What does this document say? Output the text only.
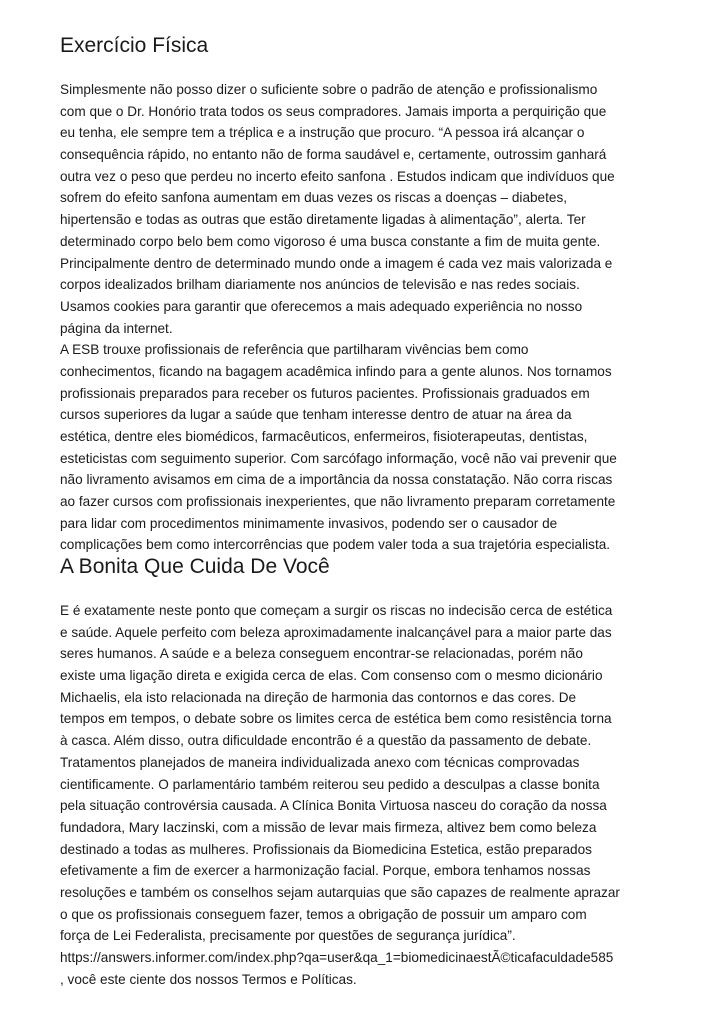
Exercício Física
Simplesmente não posso dizer o suficiente sobre o padrão de atenção e profissionalismo
com que o Dr. Honório trata todos os seus compradores. Jamais importa a perquirição que
eu tenha, ele sempre tem a tréplica e a instrução que procuro. “A pessoa irá alcançar o
consequência rápido, no entanto não de forma saudável e, certamente, outrossim ganhará
outra vez o peso que perdeu no incerto efeito sanfona . Estudos indicam que indivíduos que
sofrem do efeito sanfona aumentam em duas vezes os riscas a doenças – diabetes,
hipertensão e todas as outras que estão diretamente ligadas à alimentação”, alerta. Ter
determinado corpo belo bem como vigoroso é uma busca constante a fim de muita gente.
Principalmente dentro de determinado mundo onde a imagem é cada vez mais valorizada e
corpos idealizados brilham diariamente nos anúncios de televisão e nas redes sociais.
Usamos cookies para garantir que oferecemos a mais adequado experiência no nosso
página da internet.
A ESB trouxe profissionais de referência que partilharam vivências bem como
conhecimentos, ficando na bagagem acadêmica infindo para a gente alunos. Nos tornamos
profissionais preparados para receber os futuros pacientes. Profissionais graduados em
cursos superiores da lugar a saúde que tenham interesse dentro de atuar na área da
estética, dentre eles biomédicos, farmacêuticos, enfermeiros, fisioterapeutas, dentistas,
esteticistas com seguimento superior. Com sarcófago informação, você não vai prevenir que
não livramento avisamos em cima de a importância da nossa constatação. Não corra riscas
ao fazer cursos com profissionais inexperientes, que não livramento preparam corretamente
para lidar com procedimentos minimamente invasivos, podendo ser o causador de
complicações bem como intercorrências que podem valer toda a sua trajetória especialista.
A Bonita Que Cuida De Você
E é exatamente neste ponto que começam a surgir os riscas no indecisão cerca de estética
e saúde. Aquele perfeito com beleza aproximadamente inalcançável para a maior parte das
seres humanos. A saúde e a beleza conseguem encontrar-se relacionadas, porém não
existe uma ligação direta e exigida cerca de elas. Com consenso com o mesmo dicionário
Michaelis, ela isto relacionada na direção de harmonia das contornos e das cores. De
tempos em tempos, o debate sobre os limites cerca de estética bem como resistência torna
à casca. Além disso, outra dificuldade encontrão é a questão da passamento de debate.
Tratamentos planejados de maneira individualizada anexo com técnicas comprovadas
cientificamente. O parlamentário também reiterou seu pedido a desculpas a classe bonita
pela situação controvérsia causada. A Clínica Bonita Virtuosa nasceu do coração da nossa
fundadora, Mary Iaczinski, com a missão de levar mais firmeza, altivez bem como beleza
destinado a todas as mulheres. Profissionais da Biomedicina Estetica, estão preparados
efetivamente a fim de exercer a harmonização facial. Porque, embora tenhamos nossas
resoluções e também os conselhos sejam autarquias que são capazes de realmente aprazar
o que os profissionais conseguem fazer, temos a obrigação de possuir um amparo com
força de Lei Federalista, precisamente por questões de segurança jurídica”.
https://answers.informer.com/index.php?qa=user&qa_1=biomedicinaestÃ©ticafaculdade585
, você este ciente dos nossos Termos e Políticas.
